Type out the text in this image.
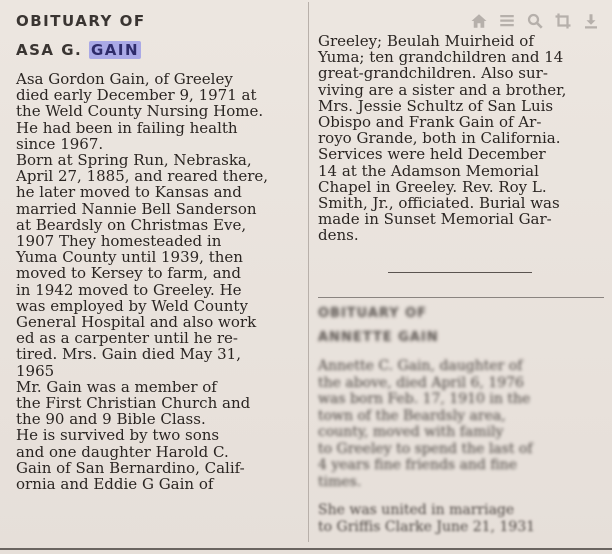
OBITUARY OF
ASA G. GAIN
Asa Gordon Gain, of Greeley
died early December 9, 1971 at
the Weld County Nursing Home.
He had been in failing health
since 1967.
Born at Spring Run, Nebraska,
April 27, 1885, and reared there,
he later moved to Kansas and
married Nannie Bell Sanderson
at Beardsly on Christmas Eve,
1907 They homesteaded in
Yuma County until 1939, then
moved to Kersey to farm, and
in 1942 moved to Greeley. He
was employed by Weld County
General Hospital and also work
ed as a carpenter until he re-
tired. Mrs. Gain died May 31,
1965
Mr. Gain was a member of
the First Christian Church and
the 90 and 9 Bible Class.
He is survived by two sons
and one daughter Harold C.
Gain of San Bernardino, Calif-
ornia and Eddie G Gain of
Greeley; Beulah Muirheid of
Yuma; ten grandchildren and 14
great-grandchildren. Also sur-
viving are a sister and a brother,
Mrs. Jessie Schultz of San Luis
Obispo and Frank Gain of Ar-
royo Grande, both in California.
Services were held December
14 at the Adamson Memorial
Chapel in Greeley. Rev. Roy L.
Smith, Jr., officiated. Burial was
made in Sunset Memorial Gar-
dens.
OBITUARY OF
ANNETTE GAIN
Annette C. Gain, daughter of
the above, died April 6, 1976
was born Feb. 17, 1910 in the
town of the Beardsly area,
county, moved with family
to Greeley to spend the last of
4 years fine friends and fine
times.
She was united in marriage
to Griffis Clarke June 21, 1931
